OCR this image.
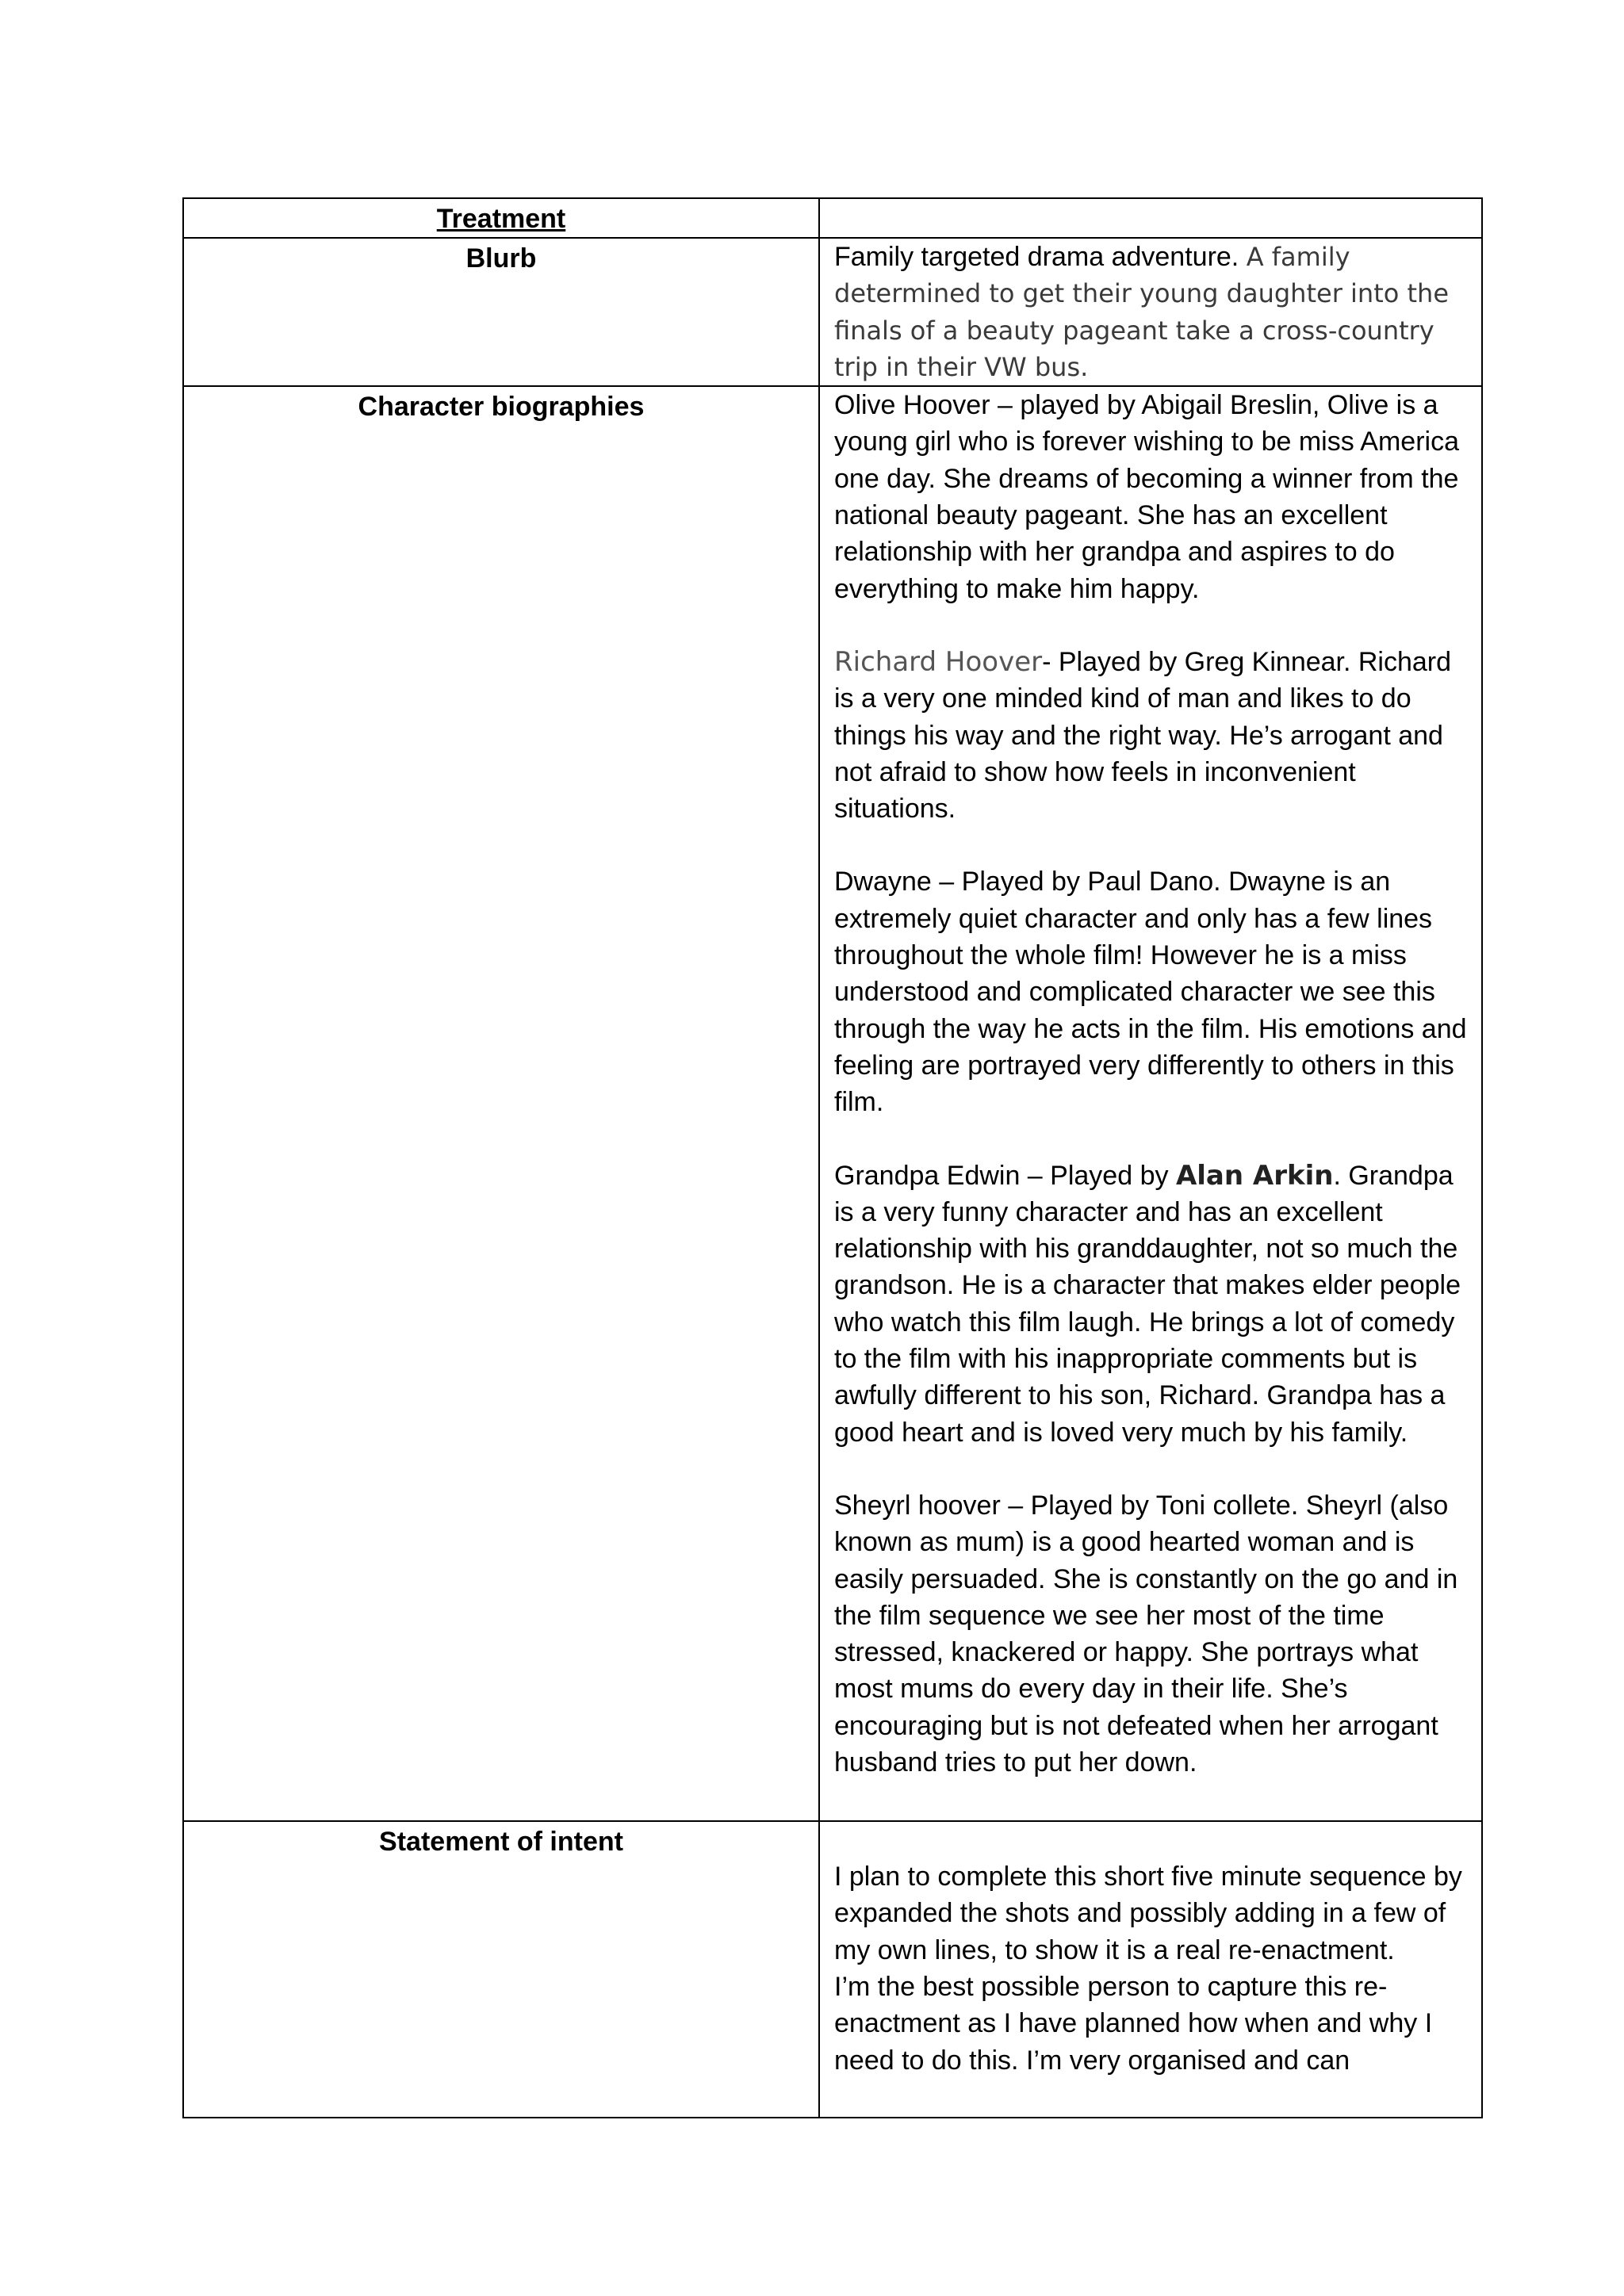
Treatment	

Blurb	Family targeted drama adventure. A family determined to get their young daughter into the finals of a beauty pageant take a cross-country trip in their VW bus.

Character biographies	Olive Hoover – played by Abigail Breslin, Olive is a young girl who is forever wishing to be miss America one day. She dreams of becoming a winner from the national beauty pageant. She has an excellent relationship with her grandpa and aspires to do everything to make him happy.

Richard Hoover- Played by Greg Kinnear. Richard is a very one minded kind of man and likes to do things his way and the right way. He’s arrogant and not afraid to show how feels in inconvenient situations.

Dwayne – Played by Paul Dano. Dwayne is an extremely quiet character and only has a few lines throughout the whole film! However he is a miss understood and complicated character we see this through the way he acts in the film. His emotions and feeling are portrayed very differently to others in this film.

Grandpa Edwin – Played by Alan Arkin. Grandpa is a very funny character and has an excellent relationship with his granddaughter, not so much the grandson. He is a character that makes elder people who watch this film laugh. He brings a lot of comedy to the film with his inappropriate comments but is awfully different to his son, Richard. Grandpa has a good heart and is loved very much by his family.

Sheyrl hoover – Played by Toni collete. Sheyrl (also known as mum) is a good hearted woman and is easily persuaded. She is constantly on the go and in the film sequence we see her most of the time stressed, knackered or happy. She portrays what most mums do every day in their life. She’s encouraging but is not defeated when her arrogant husband tries to put her down.

Statement of intent	I plan to complete this short five minute sequence by expanded the shots and possibly adding in a few of my own lines, to show it is a real re-enactment.

I’m the best possible person to capture this re-enactment as I have planned how when and why I need to do this. I’m very organised and can
